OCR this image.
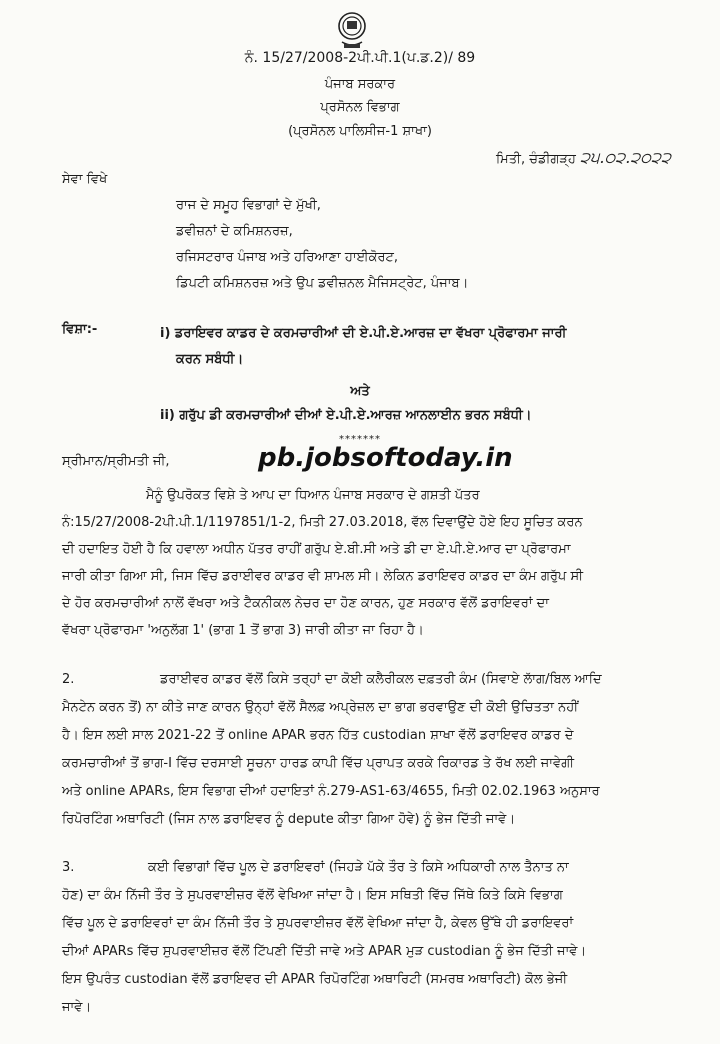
ਨੰ. 15/27/2008-2ਪੀ.ਪੀ.1(ਪ.ਡ.2)/ 89
ਪੰਜਾਬ ਸਰਕਾਰ
ਪ੍ਰਸੋਨਲ ਵਿਭਾਗ
(ਪ੍ਰਸੋਨਲ ਪਾਲਿਸੀਜ-1 ਸ਼ਾਖਾ)
ਮਿਤੀ, ਚੰਡੀਗੜ੍ਹ ੨੫.੦੨.੨੦੨੨
ਸੇਵਾ ਵਿਖੇ
ਰਾਜ ਦੇ ਸਮੂਹ ਵਿਭਾਗਾਂ ਦੇ ਮੁੱਖੀ,
ਡਵੀਜ਼ਨਾਂ ਦੇ ਕਮਿਸ਼ਨਰਜ਼,
ਰਜਿਸਟਰਾਰ ਪੰਜਾਬ ਅਤੇ ਹਰਿਆਣਾ ਹਾਈਕੋਰਟ,
ਡਿਪਟੀ ਕਮਿਸ਼ਨਰਜ਼ ਅਤੇ ਉਪ ਡਵੀਜ਼ਨਲ ਮੈਜਿਸਟ੍ਰੇਟ, ਪੰਜਾਬ।
ਵਿਸ਼ਾ:-	i) ਡਰਾਇਵਰ ਕਾਡਰ ਦੇ ਕਰਮਚਾਰੀਆਂ ਦੀ ਏ.ਪੀ.ਏ.ਆਰਜ਼ ਦਾ ਵੱਖਰਾ ਪ੍ਰੋਫਾਰਮਾ ਜਾਰੀ
ਕਰਨ ਸਬੰਧੀ।
ਅਤੇ
ii) ਗਰੁੱਪ ਡੀ ਕਰਮਚਾਰੀਆਂ ਦੀਆਂ ਏ.ਪੀ.ਏ.ਆਰਜ਼ ਆਨਲਾਈਨ ਭਰਨ ਸਬੰਧੀ।
*******
ਸ੍ਰੀਮਾਨ/ਸ੍ਰੀਮਤੀ ਜੀ,	pb.jobsoftoday.in
ਮੈਨੂੰ ਉਪਰੋਕਤ ਵਿਸ਼ੇ ਤੇ ਆਪ ਦਾ ਧਿਆਨ ਪੰਜਾਬ ਸਰਕਾਰ ਦੇ ਗਸ਼ਤੀ ਪੱਤਰ
ਨੰ:15/27/2008-2ਪੀ.ਪੀ.1/1197851/1-2, ਮਿਤੀ 27.03.2018, ਵੱਲ ਦਿਵਾਉਂਦੇ ਹੋਏ ਇਹ ਸੂਚਿਤ ਕਰਨ
ਦੀ ਹਦਾਇਤ ਹੋਈ ਹੈ ਕਿ ਹਵਾਲਾ ਅਧੀਨ ਪੱਤਰ ਰਾਹੀਂ ਗਰੁੱਪ ਏ.ਬੀ.ਸੀ ਅਤੇ ਡੀ ਦਾ ਏ.ਪੀ.ਏ.ਆਰ ਦਾ ਪ੍ਰੋਫਾਰਮਾ
ਜਾਰੀ ਕੀਤਾ ਗਿਆ ਸੀ, ਜਿਸ ਵਿੱਚ ਡਰਾਈਵਰ ਕਾਡਰ ਵੀ ਸ਼ਾਮਲ ਸੀ। ਲੇਕਿਨ ਡਰਾਇਵਰ ਕਾਡਰ ਦਾ ਕੰਮ ਗਰੁੱਪ ਸੀ
ਦੇ ਹੋਰ ਕਰਮਚਾਰੀਆਂ ਨਾਲੋਂ ਵੱਖਰਾ ਅਤੇ ਟੈਕਨੀਕਲ ਨੇਚਰ ਦਾ ਹੋਣ ਕਾਰਨ, ਹੁਣ ਸਰਕਾਰ ਵੱਲੋਂ ਡਰਾਇਵਰਾਂ ਦਾ
ਵੱਖਰਾ ਪ੍ਰੋਫਾਰਮਾ 'ਅਨੁਲੱਗ 1' (ਭਾਗ 1 ਤੋਂ ਭਾਗ 3) ਜਾਰੀ ਕੀਤਾ ਜਾ ਰਿਹਾ ਹੈ।
2.	ਡਰਾਈਵਰ ਕਾਡਰ ਵੱਲੋਂ ਕਿਸੇ ਤਰ੍ਹਾਂ ਦਾ ਕੋਈ ਕਲੈਰੀਕਲ ਦਫ਼ਤਰੀ ਕੰਮ (ਸਿਵਾਏ ਲਾੱਗ/ਬਿਲ ਆਦਿ
ਮੈਨਟੇਨ ਕਰਨ ਤੋਂ) ਨਾ ਕੀਤੇ ਜਾਣ ਕਾਰਨ ਉਨ੍ਹਾਂ ਵੱਲੋਂ ਸੈਲਫ਼ ਅਪ੍ਰੇਜ਼ਲ ਦਾ ਭਾਗ ਭਰਵਾਉਣ ਦੀ ਕੋਈ ਉਚਿਤਤਾ ਨਹੀਂ
ਹੈ। ਇਸ ਲਈ ਸਾਲ 2021-22 ਤੋਂ online APAR ਭਰਨ ਹਿੱਤ custodian ਸ਼ਾਖਾ ਵੱਲੋਂ ਡਰਾਇਵਰ ਕਾਡਰ ਦੇ
ਕਰਮਚਾਰੀਆਂ ਤੋਂ ਭਾਗ-I ਵਿੱਚ ਦਰਸਾਈ ਸੂਚਨਾ ਹਾਰਡ ਕਾਪੀ ਵਿੱਚ ਪ੍ਰਾਪਤ ਕਰਕੇ ਰਿਕਾਰਡ ਤੇ ਰੱਖ ਲਈ ਜਾਵੇਗੀ
ਅਤੇ online APARs, ਇਸ ਵਿਭਾਗ ਦੀਆਂ ਹਦਾਇਤਾਂ ਨੰ.279-AS1-63/4655, ਮਿਤੀ 02.02.1963 ਅਨੁਸਾਰ
ਰਿਪੋਰਟਿੰਗ ਅਥਾਰਿਟੀ (ਜਿਸ ਨਾਲ ਡਰਾਇਵਰ ਨੂੰ depute ਕੀਤਾ ਗਿਆ ਹੋਵੇ) ਨੂੰ ਭੇਜ ਦਿੱਤੀ ਜਾਵੇ।
3.	ਕਈ ਵਿਭਾਗਾਂ ਵਿੱਚ ਪੂਲ ਦੇ ਡਰਾਇਵਰਾਂ (ਜਿਹੜੇ ਪੱਕੇ ਤੌਰ ਤੇ ਕਿਸੇ ਅਧਿਕਾਰੀ ਨਾਲ ਤੈਨਾਤ ਨਾ
ਹੋਣ) ਦਾ ਕੰਮ ਨਿੱਜੀ ਤੌਰ ਤੇ ਸੁਪਰਵਾਈਜ਼ਰ ਵੱਲੋਂ ਵੇਖਿਆ ਜਾਂਦਾ ਹੈ। ਇਸ ਸਥਿਤੀ ਵਿੱਚ ਜਿੱਥੇ ਕਿਤੇ ਕਿਸੇ ਵਿਭਾਗ
ਵਿੱਚ ਪੂਲ ਦੇ ਡਰਾਇਵਰਾਂ ਦਾ ਕੰਮ ਨਿੱਜੀ ਤੌਰ ਤੇ ਸੁਪਰਵਾਈਜ਼ਰ ਵੱਲੋਂ ਵੇਖਿਆ ਜਾਂਦਾ ਹੈ, ਕੇਵਲ ਉੱਥੇ ਹੀ ਡਰਾਇਵਰਾਂ
ਦੀਆਂ APARs ਵਿੱਚ ਸੁਪਰਵਾਈਜ਼ਰ ਵੱਲੋਂ ਟਿੱਪਣੀ ਦਿੱਤੀ ਜਾਵੇ ਅਤੇ APAR ਮੁੜ custodian ਨੂੰ ਭੇਜ ਦਿੱਤੀ ਜਾਵੇ।
ਇਸ ਉਪਰੰਤ custodian ਵੱਲੋਂ ਡਰਾਇਵਰ ਦੀ APAR ਰਿਪੋਰਟਿੰਗ ਅਥਾਰਿਟੀ (ਸਮਰਥ ਅਥਾਰਿਟੀ) ਕੋਲ ਭੇਜੀ
ਜਾਵੇ।
